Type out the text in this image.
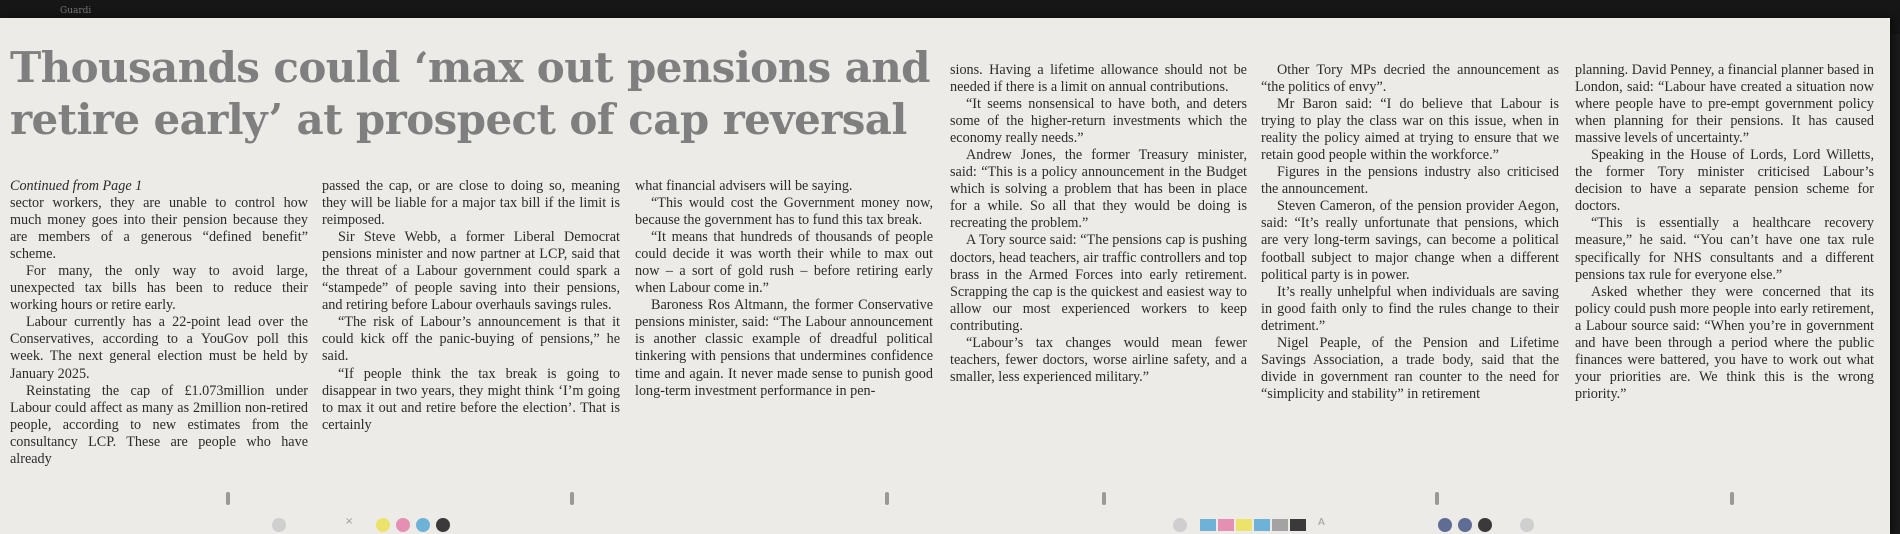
Guardi
Thousands could ‘max out pensions and
retire early’ at prospect of cap reversal

Continued from Page 1

sector workers, they are unable to control how much money goes into their pension because they are members of a generous “defined benefit” scheme.

For many, the only way to avoid large, unexpected tax bills has been to reduce their working hours or retire early.

Labour currently has a 22-point lead over the Conservatives, according to a YouGov poll this week. The next general election must be held by January 2025.

Reinstating the cap of £1.073million under Labour could affect as many as 2million non-retired people, according to new estimates from the consultancy LCP. These are people who have already

passed the cap, or are close to doing so, meaning they will be liable for a major tax bill if the limit is reimposed.

Sir Steve Webb, a former Liberal Democrat pensions minister and now partner at LCP, said that the threat of a Labour government could spark a “stampede” of people saving into their pensions, and retiring before Labour overhauls savings rules.

“The risk of Labour’s announcement is that it could kick off the panic-buying of pensions,” he said.

“If people think the tax break is going to disappear in two years, they might think ‘I’m going to max it out and retire before the election’. That is certainly

what financial advisers will be saying.

“This would cost the Government money now, because the government has to fund this tax break.

“It means that hundreds of thousands of people could decide it was worth their while to max out now – a sort of gold rush – before retiring early when Labour come in.”

Baroness Ros Altmann, the former Conservative pensions minister, said: “The Labour announcement is another classic example of dreadful political tinkering with pensions that undermines confidence time and again. It never made sense to punish good long-term investment performance in pen-

sions. Having a lifetime allowance should not be needed if there is a limit on annual contributions.

“It seems nonsensical to have both, and deters some of the higher-return investments which the economy really needs.”

Andrew Jones, the former Treasury minister, said: “This is a policy announcement in the Budget which is solving a problem that has been in place for a while. So all that they would be doing is recreating the problem.”

A Tory source said: “The pensions cap is pushing doctors, head teachers, air traffic controllers and top brass in the Armed Forces into early retirement. Scrapping the cap is the quickest and easiest way to allow our most experienced workers to keep contributing.

“Labour’s tax changes would mean fewer teachers, fewer doctors, worse airline safety, and a smaller, less experienced military.”

Other Tory MPs decried the announcement as “the politics of envy”.

Mr Baron said: “I do believe that Labour is trying to play the class war on this issue, when in reality the policy aimed at trying to ensure that we retain good people within the workforce.”

Figures in the pensions industry also criticised the announcement.

Steven Cameron, of the pension provider Aegon, said: “It’s really unfortunate that pensions, which are very long-term savings, can become a political football subject to major change when a different political party is in power.

It’s really unhelpful when individuals are saving in good faith only to find the rules change to their detriment.”

Nigel Peaple, of the Pension and Lifetime Savings Association, a trade body, said that the divide in government ran counter to the need for “simplicity and stability” in retirement

planning. David Penney, a financial planner based in London, said: “Labour have created a situation now where people have to pre-empt government policy when planning for their pensions. It has caused massive levels of uncertainty.”

Speaking in the House of Lords, Lord Willetts, the former Tory minister criticised Labour’s decision to have a separate pension scheme for doctors.

“This is essentially a healthcare recovery measure,” he said. “You can’t have one tax rule specifically for NHS consultants and a different pensions tax rule for everyone else.”

Asked whether they were concerned that its policy could push more people into early retirement, a Labour source said: “When you’re in government and have been through a period where the public finances were battered, you have to work out what your priorities are. We think this is the wrong priority.”

×	A
